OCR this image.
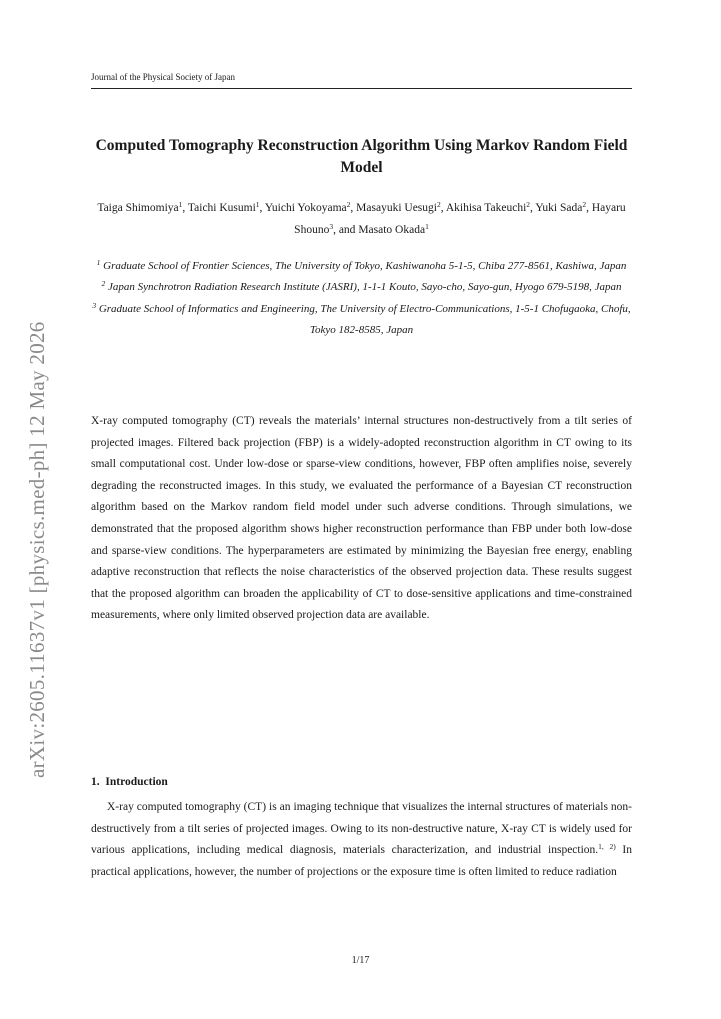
Journal of the Physical Society of Japan
arXiv:2605.11637v1 [physics.med-ph] 12 May 2026
Computed Tomography Reconstruction Algorithm Using Markov Random Field Model
Taiga Shimomiya$^1$, Taichi Kusumi$^1$, Yuichi Yokoyama$^2$, Masayuki Uesugi$^2$, Akihisa Takeuchi$^2$, Yuki Sada$^2$, Hayaru Shouno$^3$, and Masato Okada$^1$
$^1$ Graduate School of Frontier Sciences, The University of Tokyo, Kashiwanoha 5-1-5, Chiba 277-8561, Kashiwa, Japan
$^2$ Japan Synchrotron Radiation Research Institute (JASRI), 1-1-1 Kouto, Sayo-cho, Sayo-gun, Hyogo 679-5198, Japan
$^3$ Graduate School of Informatics and Engineering, The University of Electro-Communications, 1-5-1 Chofugaoka, Chofu, Tokyo 182-8585, Japan

X-ray computed tomography (CT) reveals the materials’ internal structures non-destructively from a tilt series of projected images. Filtered back projection (FBP) is a widely-adopted reconstruction algorithm in CT owing to its small computational cost. Under low-dose or sparse-view conditions, however, FBP often amplifies noise, severely degrading the reconstructed images. In this study, we evaluated the performance of a Bayesian CT reconstruction algorithm based on the Markov random field model under such adverse conditions. Through simulations, we demonstrated that the proposed algorithm shows higher reconstruction performance than FBP under both low-dose and sparse-view conditions. The hyperparameters are estimated by minimizing the Bayesian free energy, enabling adaptive reconstruction that reflects the noise characteristics of the observed projection data. These results suggest that the proposed algorithm can broaden the applicability of CT to dose-sensitive applications and time-constrained measurements, where only limited observed projection data are available.

1. Introduction

X-ray computed tomography (CT) is an imaging technique that visualizes the internal structures of materials non-destructively from a tilt series of projected images. Owing to its non-destructive nature, X-ray CT is widely used for various applications, including medical diagnosis, materials characterization, and industrial inspection.$^{1, 2)}$ In practical applications, however, the number of projections or the exposure time is often limited to reduce radiation

1/17
